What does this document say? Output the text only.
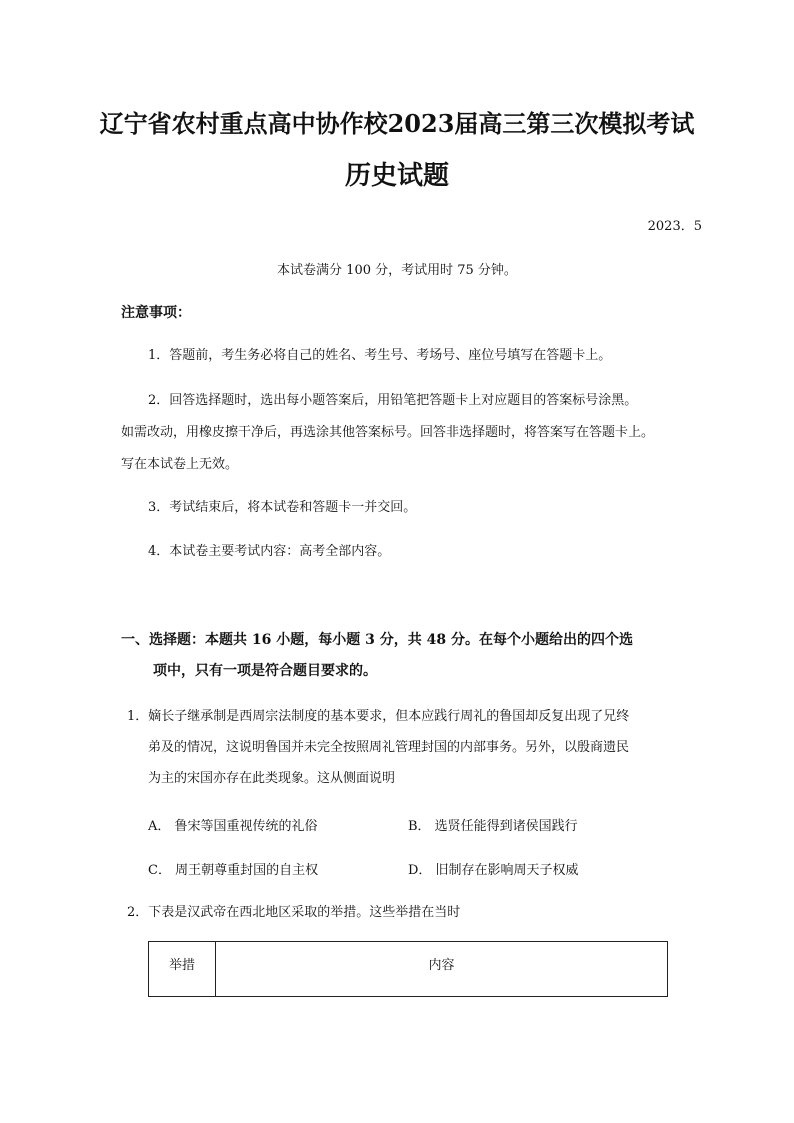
辽宁省农村重点高中协作校2023届高三第三次模拟考试
历史试题
2023．5
本试卷满分 100 分，考试用时 75 分钟。
注意事项：
1．答题前，考生务必将自己的姓名、考生号、考场号、座位号填写在答题卡上。
2．回答选择题时，选出每小题答案后，用铅笔把答题卡上对应题目的答案标号涂黑。
如需改动，用橡皮擦干净后，再选涂其他答案标号。回答非选择题时，将答案写在答题卡上。
写在本试卷上无效。
3．考试结束后，将本试卷和答题卡一并交回。
4．本试卷主要考试内容：高考全部内容。
一、选择题：本题共 16 小题，每小题 3 分，共 48 分。在每个小题给出的四个选
项中，只有一项是符合题目要求的。
1．嫡长子继承制是西周宗法制度的基本要求，但本应践行周礼的鲁国却反复出现了兄终
弟及的情况，这说明鲁国并未完全按照周礼管理封国的内部事务。另外，以殷商遗民
为主的宋国亦存在此类现象。这从侧面说明
A． 鲁宋等国重视传统的礼俗	B． 选贤任能得到诸侯国践行
C． 周王朝尊重封国的自主权	D． 旧制存在影响周天子权威
2．下表是汉武帝在西北地区采取的举措。这些举措在当时
举措	内容
